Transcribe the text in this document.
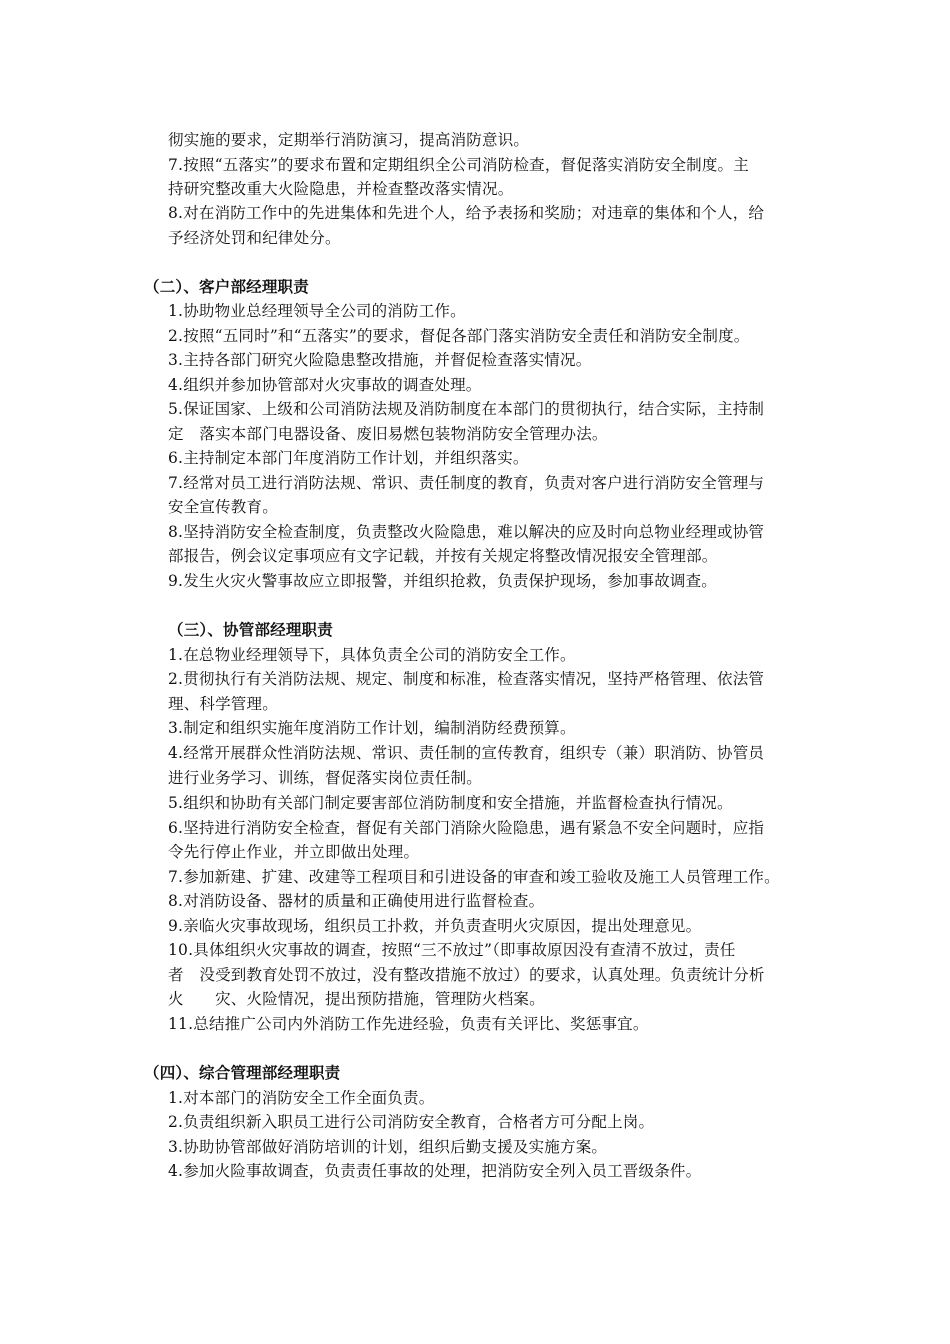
彻实施的要求，定期举行消防演习，提高消防意识。
7.按照“五落实”的要求布置和定期组织全公司消防检查，督促落实消防安全制度。主
持研究整改重大火险隐患，并检查整改落实情况。
8.对在消防工作中的先进集体和先进个人，给予表扬和奖励；对违章的集体和个人，给
予经济处罚和纪律处分。
（二）、客户部经理职责
1.协助物业总经理领导全公司的消防工作。
2.按照“五同时”和“五落实”的要求，督促各部门落实消防安全责任和消防安全制度。
3.主持各部门研究火险隐患整改措施，并督促检查落实情况。
4.组织并参加协管部对火灾事故的调查处理。
5.保证国家、上级和公司消防法规及消防制度在本部门的贯彻执行，结合实际，主持制
定　落实本部门电器设备、废旧易燃包装物消防安全管理办法。
6.主持制定本部门年度消防工作计划，并组织落实。
7.经常对员工进行消防法规、常识、责任制度的教育，负责对客户进行消防安全管理与
安全宣传教育。
8.坚持消防安全检查制度，负责整改火险隐患，难以解决的应及时向总物业经理或协管
部报告，例会议定事项应有文字记载，并按有关规定将整改情况报安全管理部。
9.发生火灾火警事故应立即报警，并组织抢救，负责保护现场，参加事故调查。
（三）、协管部经理职责
1.在总物业经理领导下，具体负责全公司的消防安全工作。
2.贯彻执行有关消防法规、规定、制度和标准，检查落实情况，坚持严格管理、依法管
理、科学管理。
3.制定和组织实施年度消防工作计划，编制消防经费预算。
4.经常开展群众性消防法规、常识、责任制的宣传教育，组织专（兼）职消防、协管员
进行业务学习、训练，督促落实岗位责任制。
5.组织和协助有关部门制定要害部位消防制度和安全措施，并监督检查执行情况。
6.坚持进行消防安全检查，督促有关部门消除火险隐患，遇有紧急不安全问题时，应指
令先行停止作业，并立即做出处理。
7.参加新建、扩建、改建等工程项目和引进设备的审查和竣工验收及施工人员管理工作。
8.对消防设备、器材的质量和正确使用进行监督检查。
9.亲临火灾事故现场，组织员工扑救，并负责查明火灾原因，提出处理意见。
10.具体组织火灾事故的调查，按照“三不放过”（即事故原因没有查清不放过，责任
者　没受到教育处罚不放过，没有整改措施不放过）的要求，认真处理。负责统计分析
火　　灾、火险情况，提出预防措施，管理防火档案。
11.总结推广公司内外消防工作先进经验，负责有关评比、奖惩事宜。
（四）、综合管理部经理职责
1.对本部门的消防安全工作全面负责。
2.负责组织新入职员工进行公司消防安全教育，合格者方可分配上岗。
3.协助协管部做好消防培训的计划，组织后勤支援及实施方案。
4.参加火险事故调查，负责责任事故的处理，把消防安全列入员工晋级条件。
